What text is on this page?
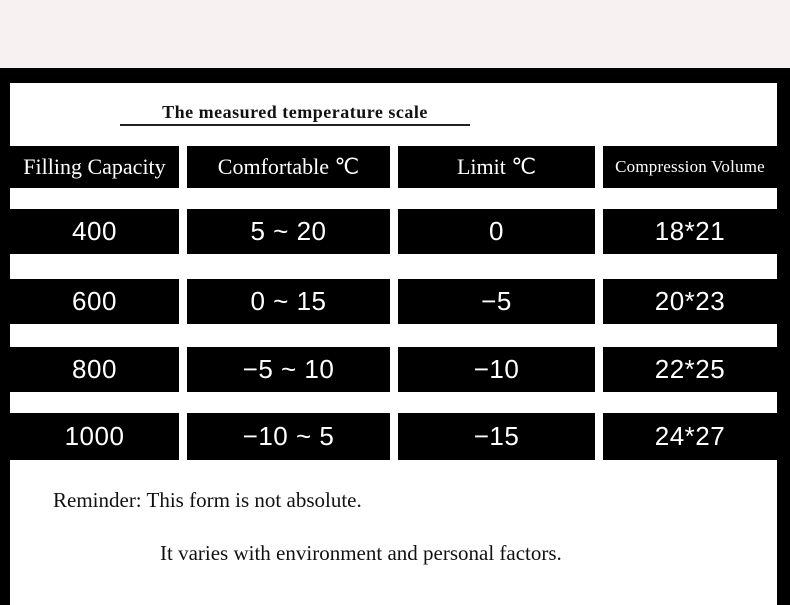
The measured temperature scale
Filling Capacity	Comfortable ℃	Limit ℃	Compression Volume
400	5 ~ 20	0	18*21
600	0 ~ 15	−5	20*23
800	−5 ~ 10	−10	22*25
1000	−10 ~ 5	−15	24*27
Reminder: This form is not absolute.
It varies with environment and personal factors.
